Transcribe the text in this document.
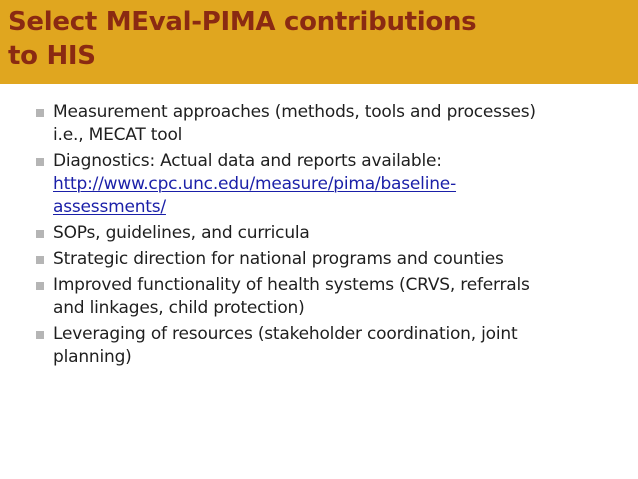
Select MEval-PIMA contributions
to HIS
Measurement approaches (methods, tools and processes)
i.e., MECAT tool
Diagnostics: Actual data and reports available:
http://www.cpc.unc.edu/measure/pima/baseline-
assessments/
SOPs, guidelines, and curricula
Strategic direction for national programs and counties
Improved functionality of health systems (CRVS, referrals
and linkages, child protection)
Leveraging of resources (stakeholder coordination, joint
planning)
